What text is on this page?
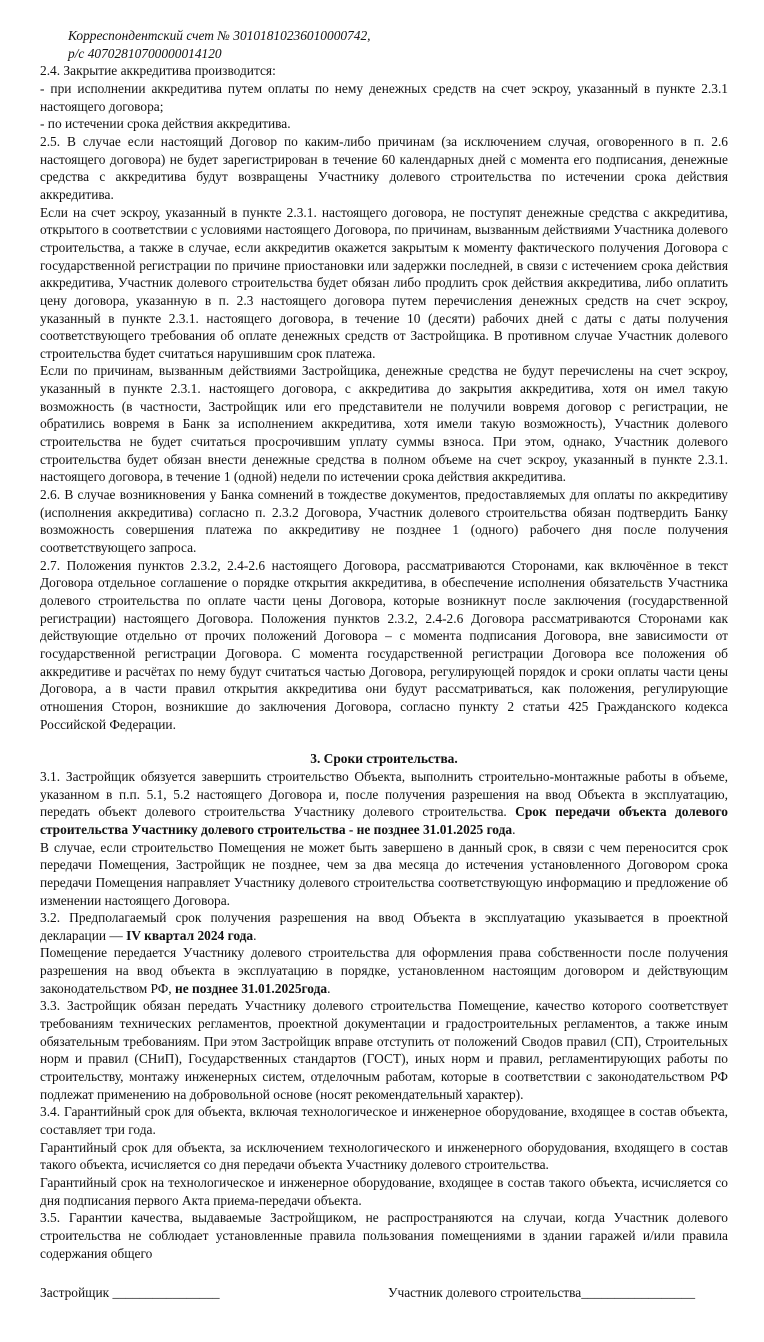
Корреспондентский счет № 30101810236010000742,

р/с 40702810700000014120

2.4. Закрытие аккредитива производится:

- при исполнении аккредитива путем оплаты по нему денежных средств на счет эскроу, указанный в пункте 2.3.1 настоящего договора;

- по истечении срока действия аккредитива.

2.5. В случае если настоящий Договор по каким-либо причинам (за исключением случая, оговоренного в п. 2.6 настоящего договора) не будет зарегистрирован в течение 60 календарных дней с момента его подписания, денежные средства с аккредитива будут возвращены Участнику долевого строительства по истечении срока действия аккредитива.

Если на счет эскроу, указанный в пункте 2.3.1. настоящего договора, не поступят денежные средства с аккредитива, открытого в соответствии с условиями настоящего Договора, по причинам, вызванным действиями Участника долевого строительства, а также в случае, если аккредитив окажется закрытым к моменту фактического получения Договора с государственной регистрации по причине приостановки или задержки последней, в связи с истечением срока действия аккредитива, Участник долевого строительства будет обязан либо продлить срок действия аккредитива, либо оплатить цену договора, указанную в п. 2.3 настоящего договора путем перечисления денежных средств на счет эскроу, указанный в пункте 2.3.1. настоящего договора, в течение 10 (десяти) рабочих дней с даты с даты получения соответствующего требования об оплате денежных средств от Застройщика. В противном случае Участник долевого строительства будет считаться нарушившим срок платежа.

Если по причинам, вызванным действиями Застройщика, денежные средства не будут перечислены на счет эскроу, указанный в пункте 2.3.1. настоящего договора, с аккредитива до закрытия аккредитива, хотя он имел такую возможность (в частности, Застройщик или его представители не получили вовремя договор с регистрации, не обратились вовремя в Банк за исполнением аккредитива, хотя имели такую возможность), Участник долевого строительства не будет считаться просрочившим уплату суммы взноса. При этом, однако, Участник долевого строительства будет обязан внести денежные средства в полном объеме на счет эскроу, указанный в пункте 2.3.1. настоящего договора, в течение 1 (одной) недели по истечении срока действия аккредитива.

2.6. В случае возникновения у Банка сомнений в тождестве документов, предоставляемых для оплаты по аккредитиву (исполнения аккредитива) согласно п. 2.3.2 Договора, Участник долевого строительства обязан подтвердить Банку возможность совершения платежа по аккредитиву не позднее 1 (одного) рабочего дня после получения соответствующего запроса.

2.7. Положения пунктов 2.3.2, 2.4-2.6 настоящего Договора, рассматриваются Сторонами, как включённое в текст Договора отдельное соглашение о порядке открытия аккредитива, в обеспечение исполнения обязательств Участника долевого строительства по оплате части цены Договора, которые возникнут после заключения (государственной регистрации) настоящего Договора. Положения пунктов 2.3.2, 2.4-2.6 Договора рассматриваются Сторонами как действующие отдельно от прочих положений Договора – с момента подписания Договора, вне зависимости от государственной регистрации Договора. С момента государственной регистрации Договора все положения об аккредитиве и расчётах по нему будут считаться частью Договора, регулирующей порядок и сроки оплаты части цены Договора, а в части правил открытия аккредитива они будут рассматриваться, как положения, регулирующие отношения Сторон, возникшие до заключения Договора, согласно пункту 2 статьи 425 Гражданского кодекса Российской Федерации.

3. Сроки строительства.

3.1. Застройщик обязуется завершить строительство Объекта, выполнить строительно-монтажные работы в объеме, указанном в п.п. 5.1, 5.2 настоящего Договора и, после получения разрешения на ввод Объекта в эксплуатацию, передать объект долевого строительства Участнику долевого строительства. Срок передачи объекта долевого строительства Участнику долевого строительства - не позднее 31.01.2025 года.

В случае, если строительство Помещения не может быть завершено в данный срок, в связи с чем переносится срок передачи Помещения, Застройщик не позднее, чем за два месяца до истечения установленного Договором срока передачи Помещения направляет Участнику долевого строительства соответствующую информацию и предложение об изменении настоящего Договора.

3.2. Предполагаемый срок получения разрешения на ввод Объекта в эксплуатацию указывается в проектной декларации — IV квартал 2024 года.

Помещение передается Участнику долевого строительства для оформления права собственности после получения разрешения на ввод объекта в эксплуатацию в порядке, установленном настоящим договором и действующим законодательством РФ, не позднее 31.01.2025года.

3.3. Застройщик обязан передать Участнику долевого строительства Помещение, качество которого соответствует требованиям технических регламентов, проектной документации и градостроительных регламентов, а также иным обязательным требованиям. При этом Застройщик вправе отступить от положений Сводов правил (СП), Строительных норм и правил (СНиП), Государственных стандартов (ГОСТ), иных норм и правил, регламентирующих работы по строительству, монтажу инженерных систем, отделочным работам, которые в соответствии с законодательством РФ подлежат применению на добровольной основе (носят рекомендательный характер).

3.4. Гарантийный срок для объекта, включая технологическое и инженерное оборудование, входящее в состав объекта, составляет три года.

Гарантийный срок для объекта, за исключением технологического и инженерного оборудования, входящего в состав такого объекта, исчисляется со дня передачи объекта Участнику долевого строительства.

Гарантийный срок на технологическое и инженерное оборудование, входящее в состав такого объекта, исчисляется со дня подписания первого Акта приема-передачи объекта.

3.5. Гарантии качества, выдаваемые Застройщиком, не распространяются на случаи, когда Участник долевого строительства не соблюдает установленные правила пользования помещениями в здании гаражей и/или правила содержания общего

Застройщик ________________	Участник долевого строительства_________________
